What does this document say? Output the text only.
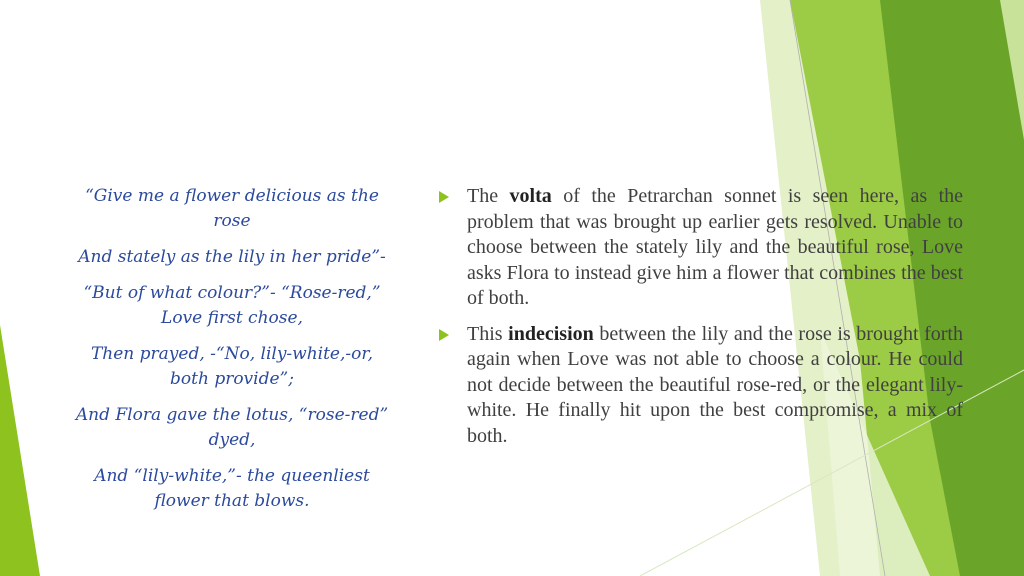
“Give me a flower delicious as the
rose
And stately as the lily in her pride”-
“But of what colour?”- “Rose-red,”
Love first chose,
Then prayed, -“No, lily-white,-or,
both provide”;
And Flora gave the lotus, “rose-red”
dyed,
And “lily-white,”- the queenliest
flower that blows.
The volta of the Petrarchan sonnet is seen here, as the problem that was brought up earlier gets resolved. Unable to choose between the stately lily and the beautiful rose, Love asks Flora to instead give him a flower that combines the best of both.
This indecision between the lily and the rose is brought forth again when Love was not able to choose a colour. He could not decide between the beautiful rose-red, or the elegant lily-white. He finally hit upon the best compromise, a mix of both.
